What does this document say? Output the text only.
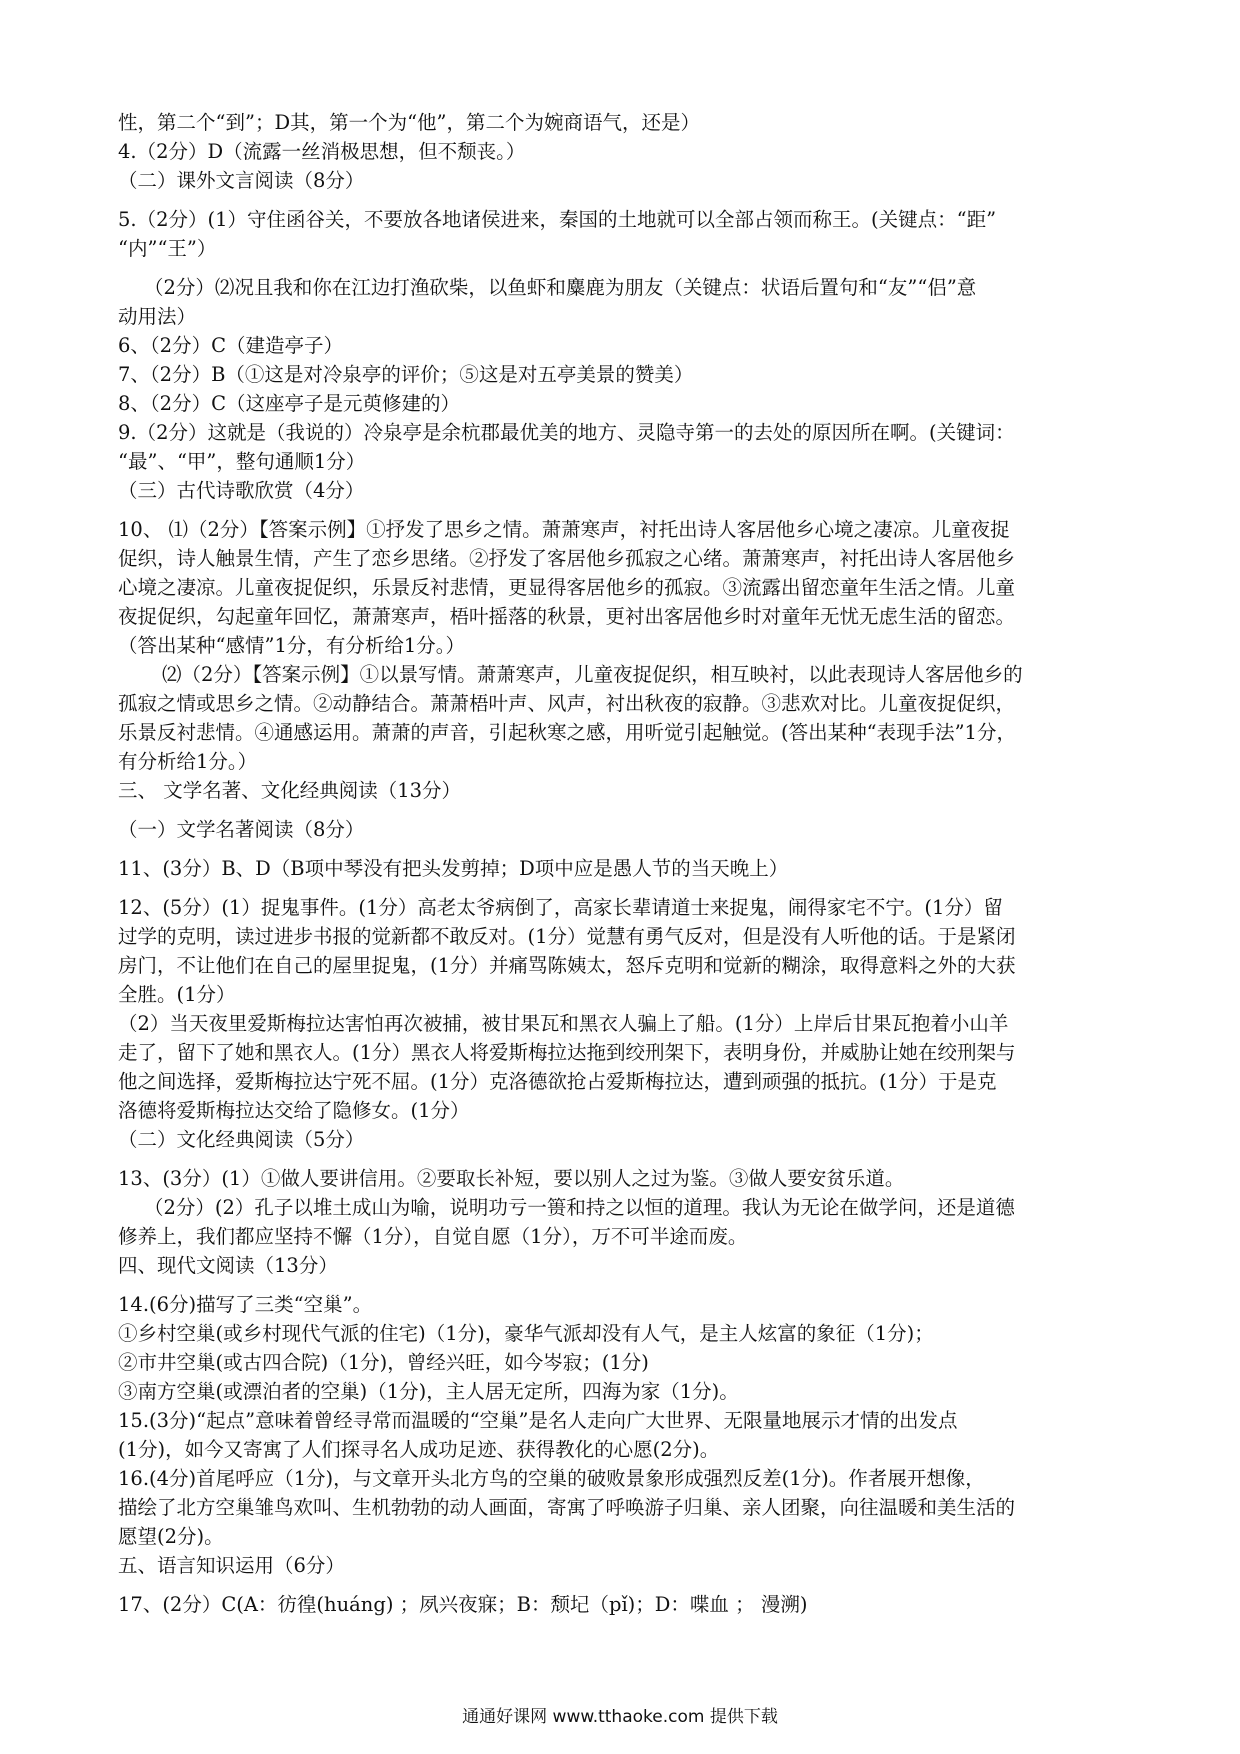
性，第二个“到”；D其，第一个为“他”，第二个为婉商语气，还是）
4.（2分）D（流露一丝消极思想，但不颓丧。）
（二）课外文言阅读（8分）
5.（2分）(1）守住函谷关，不要放各地诸侯进来，秦国的土地就可以全部占领而称王。(关键点：“距”
“内”“王”）
（2分）⑵况且我和你在江边打渔砍柴，以鱼虾和麋鹿为朋友（关键点：状语后置句和“友”“侣”意
动用法）
6、（2分）C（建造亭子）
7、（2分）B（①这是对冷泉亭的评价；⑤这是对五亭美景的赞美）
8、（2分）C（这座亭子是元萸修建的）
9.（2分）这就是（我说的）冷泉亭是余杭郡最优美的地方、灵隐寺第一的去处的原因所在啊。(关键词：
“最”、“甲”，整句通顺1分）
（三）古代诗歌欣赏（4分）
10、 ⑴（2分）【答案示例】①抒发了思乡之情。萧萧寒声，衬托出诗人客居他乡心境之凄凉。儿童夜捉
促织，诗人触景生情，产生了恋乡思绪。②抒发了客居他乡孤寂之心绪。萧萧寒声，衬托出诗人客居他乡
心境之凄凉。儿童夜捉促织，乐景反衬悲情，更显得客居他乡的孤寂。③流露出留恋童年生活之情。儿童
夜捉促织，勾起童年回忆，萧萧寒声，梧叶摇落的秋景，更衬出客居他乡时对童年无忧无虑生活的留恋。
（答出某种“感情”1分，有分析给1分。）
⑵（2分）【答案示例】①以景写情。萧萧寒声，儿童夜捉促织，相互映衬，以此表现诗人客居他乡的
孤寂之情或思乡之情。②动静结合。萧萧梧叶声、风声，衬出秋夜的寂静。③悲欢对比。儿童夜捉促织，
乐景反衬悲情。④通感运用。萧萧的声音，引起秋寒之感，用听觉引起触觉。(答出某种“表现手法”1分，
有分析给1分。）
三、 文学名著、文化经典阅读（13分）
（一）文学名著阅读（8分）
11、(3分）B、D（B项中琴没有把头发剪掉；D项中应是愚人节的当天晚上）
12、(5分）(1）捉鬼事件。(1分）高老太爷病倒了，高家长辈请道士来捉鬼，闹得家宅不宁。(1分）留
过学的克明，读过进步书报的觉新都不敢反对。(1分）觉慧有勇气反对，但是没有人听他的话。于是紧闭
房门，不让他们在自己的屋里捉鬼，(1分）并痛骂陈姨太，怒斥克明和觉新的糊涂，取得意料之外的大获
全胜。(1分）
（2）当天夜里爱斯梅拉达害怕再次被捕，被甘果瓦和黑衣人骗上了船。(1分）上岸后甘果瓦抱着小山羊
走了，留下了她和黑衣人。(1分）黑衣人将爱斯梅拉达拖到绞刑架下，表明身份，并威胁让她在绞刑架与
他之间选择，爱斯梅拉达宁死不屈。(1分）克洛德欲抢占爱斯梅拉达，遭到顽强的抵抗。(1分）于是克
洛德将爱斯梅拉达交给了隐修女。(1分）
（二）文化经典阅读（5分）
13、(3分）(1）①做人要讲信用。②要取长补短，要以别人之过为鉴。③做人要安贫乐道。
（2分）(2）孔子以堆土成山为喻，说明功亏一篑和持之以恒的道理。我认为无论在做学问，还是道德
修养上，我们都应坚持不懈（1分），自觉自愿（1分），万不可半途而废。
四、现代文阅读（13分）
14.(6分)描写了三类“空巢”。
①乡村空巢(或乡村现代气派的住宅)（1分)，豪华气派却没有人气，是主人炫富的象征（1分)；
②市井空巢(或古四合院)（1分)，曾经兴旺，如今岑寂；(1分)
③南方空巢(或漂泊者的空巢)（1分)，主人居无定所，四海为家（1分)。
15.(3分)“起点”意味着曾经寻常而温暖的“空巢”是名人走向广大世界、无限量地展示才情的出发点
(1分)，如今又寄寓了人们探寻名人成功足迹、获得教化的心愿(2分)。
16.(4分)首尾呼应（1分)，与文章开头北方鸟的空巢的破败景象形成强烈反差(1分)。作者展开想像，
描绘了北方空巢雏鸟欢叫、生机勃勃的动人画面，寄寓了呼唤游子归巢、亲人团聚，向往温暖和美生活的
愿望(2分)。
五、语言知识运用（6分）
17、(2分）C(A：彷徨(huáng) ；夙兴夜寐；B：颓圮（pǐ)；D：喋血 ； 漫溯)
通通好课网 www.tthaoke.com 提供下载
